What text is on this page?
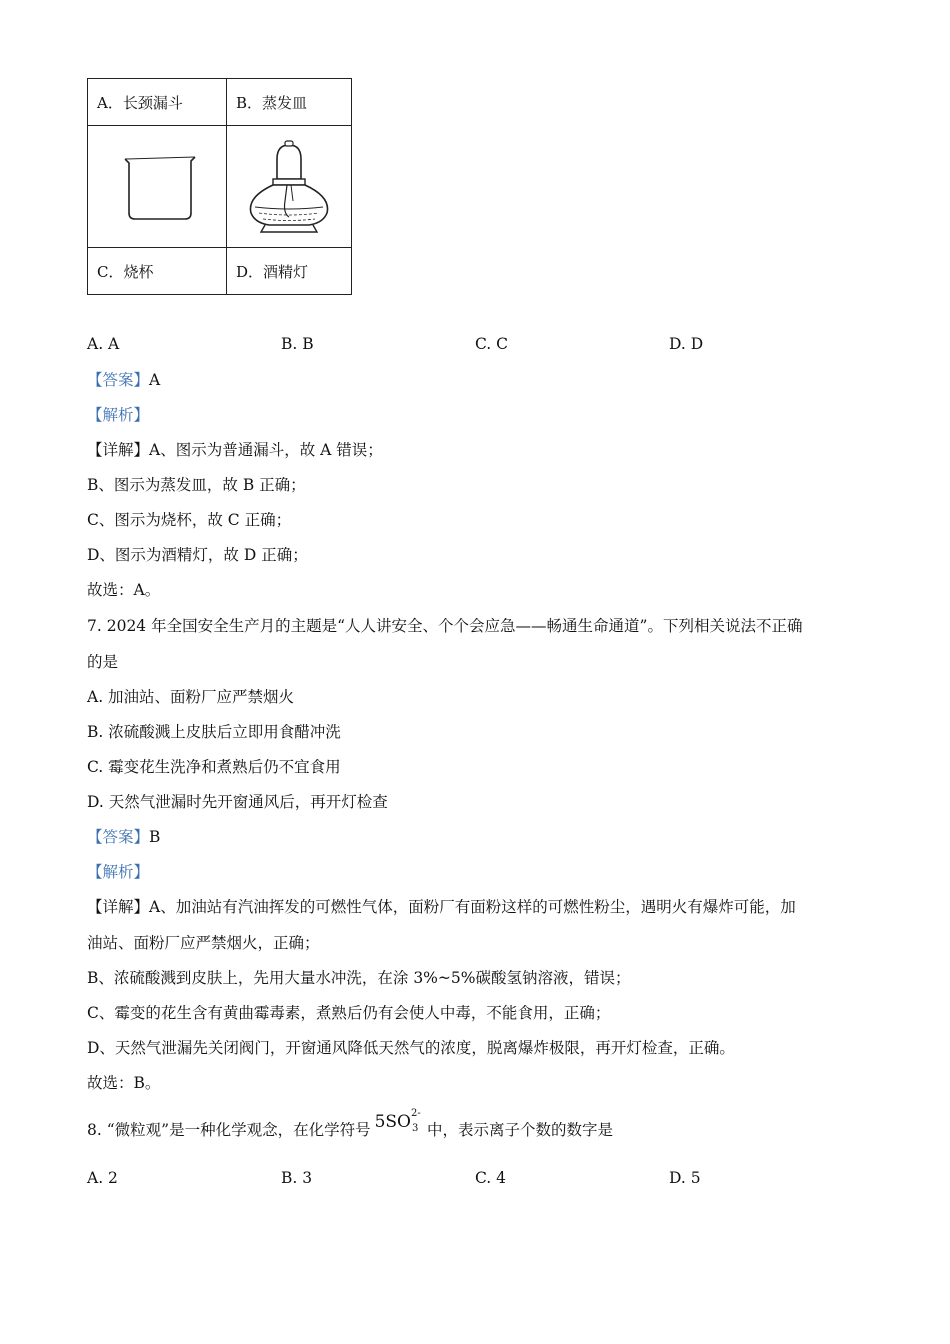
A．长颈漏斗	B．蒸发皿

C．烧杯	D．酒精灯
A. A	B. B	C. C	D. D
【答案】A
【解析】
【详解】A、图示为普通漏斗，故 A 错误；
B、图示为蒸发皿，故 B 正确；
C、图示为烧杯，故 C 正确；
D、图示为酒精灯，故 D 正确；
故选：A。
7. 2024 年全国安全生产月的主题是“人人讲安全、个个会应急——畅通生命通道”。下列相关说法不正确
的是
A. 加油站、面粉厂应严禁烟火
B. 浓硫酸溅上皮肤后立即用食醋冲洗
C. 霉变花生洗净和煮熟后仍不宜食用
D. 天然气泄漏时先开窗通风后，再开灯检查
【答案】B
【解析】
【详解】A、加油站有汽油挥发的可燃性气体，面粉厂有面粉这样的可燃性粉尘，遇明火有爆炸可能，加
油站、面粉厂应严禁烟火，正确；
B、浓硫酸溅到皮肤上，先用大量水冲洗，在涂 3%~5%碳酸氢钠溶液，错误；
C、霉变的花生含有黄曲霉毒素，煮熟后仍有会使人中毒，不能食用，正确；
D、天然气泄漏先关闭阀门，开窗通风降低天然气的浓度，脱离爆炸极限，再开灯检查，正确。
故选：B。
8. “微粒观”是一种化学观念，在化学符号 5SO 2-
3 中，表示离子个数的数字是
A. 2	B. 3	C. 4	D. 5
